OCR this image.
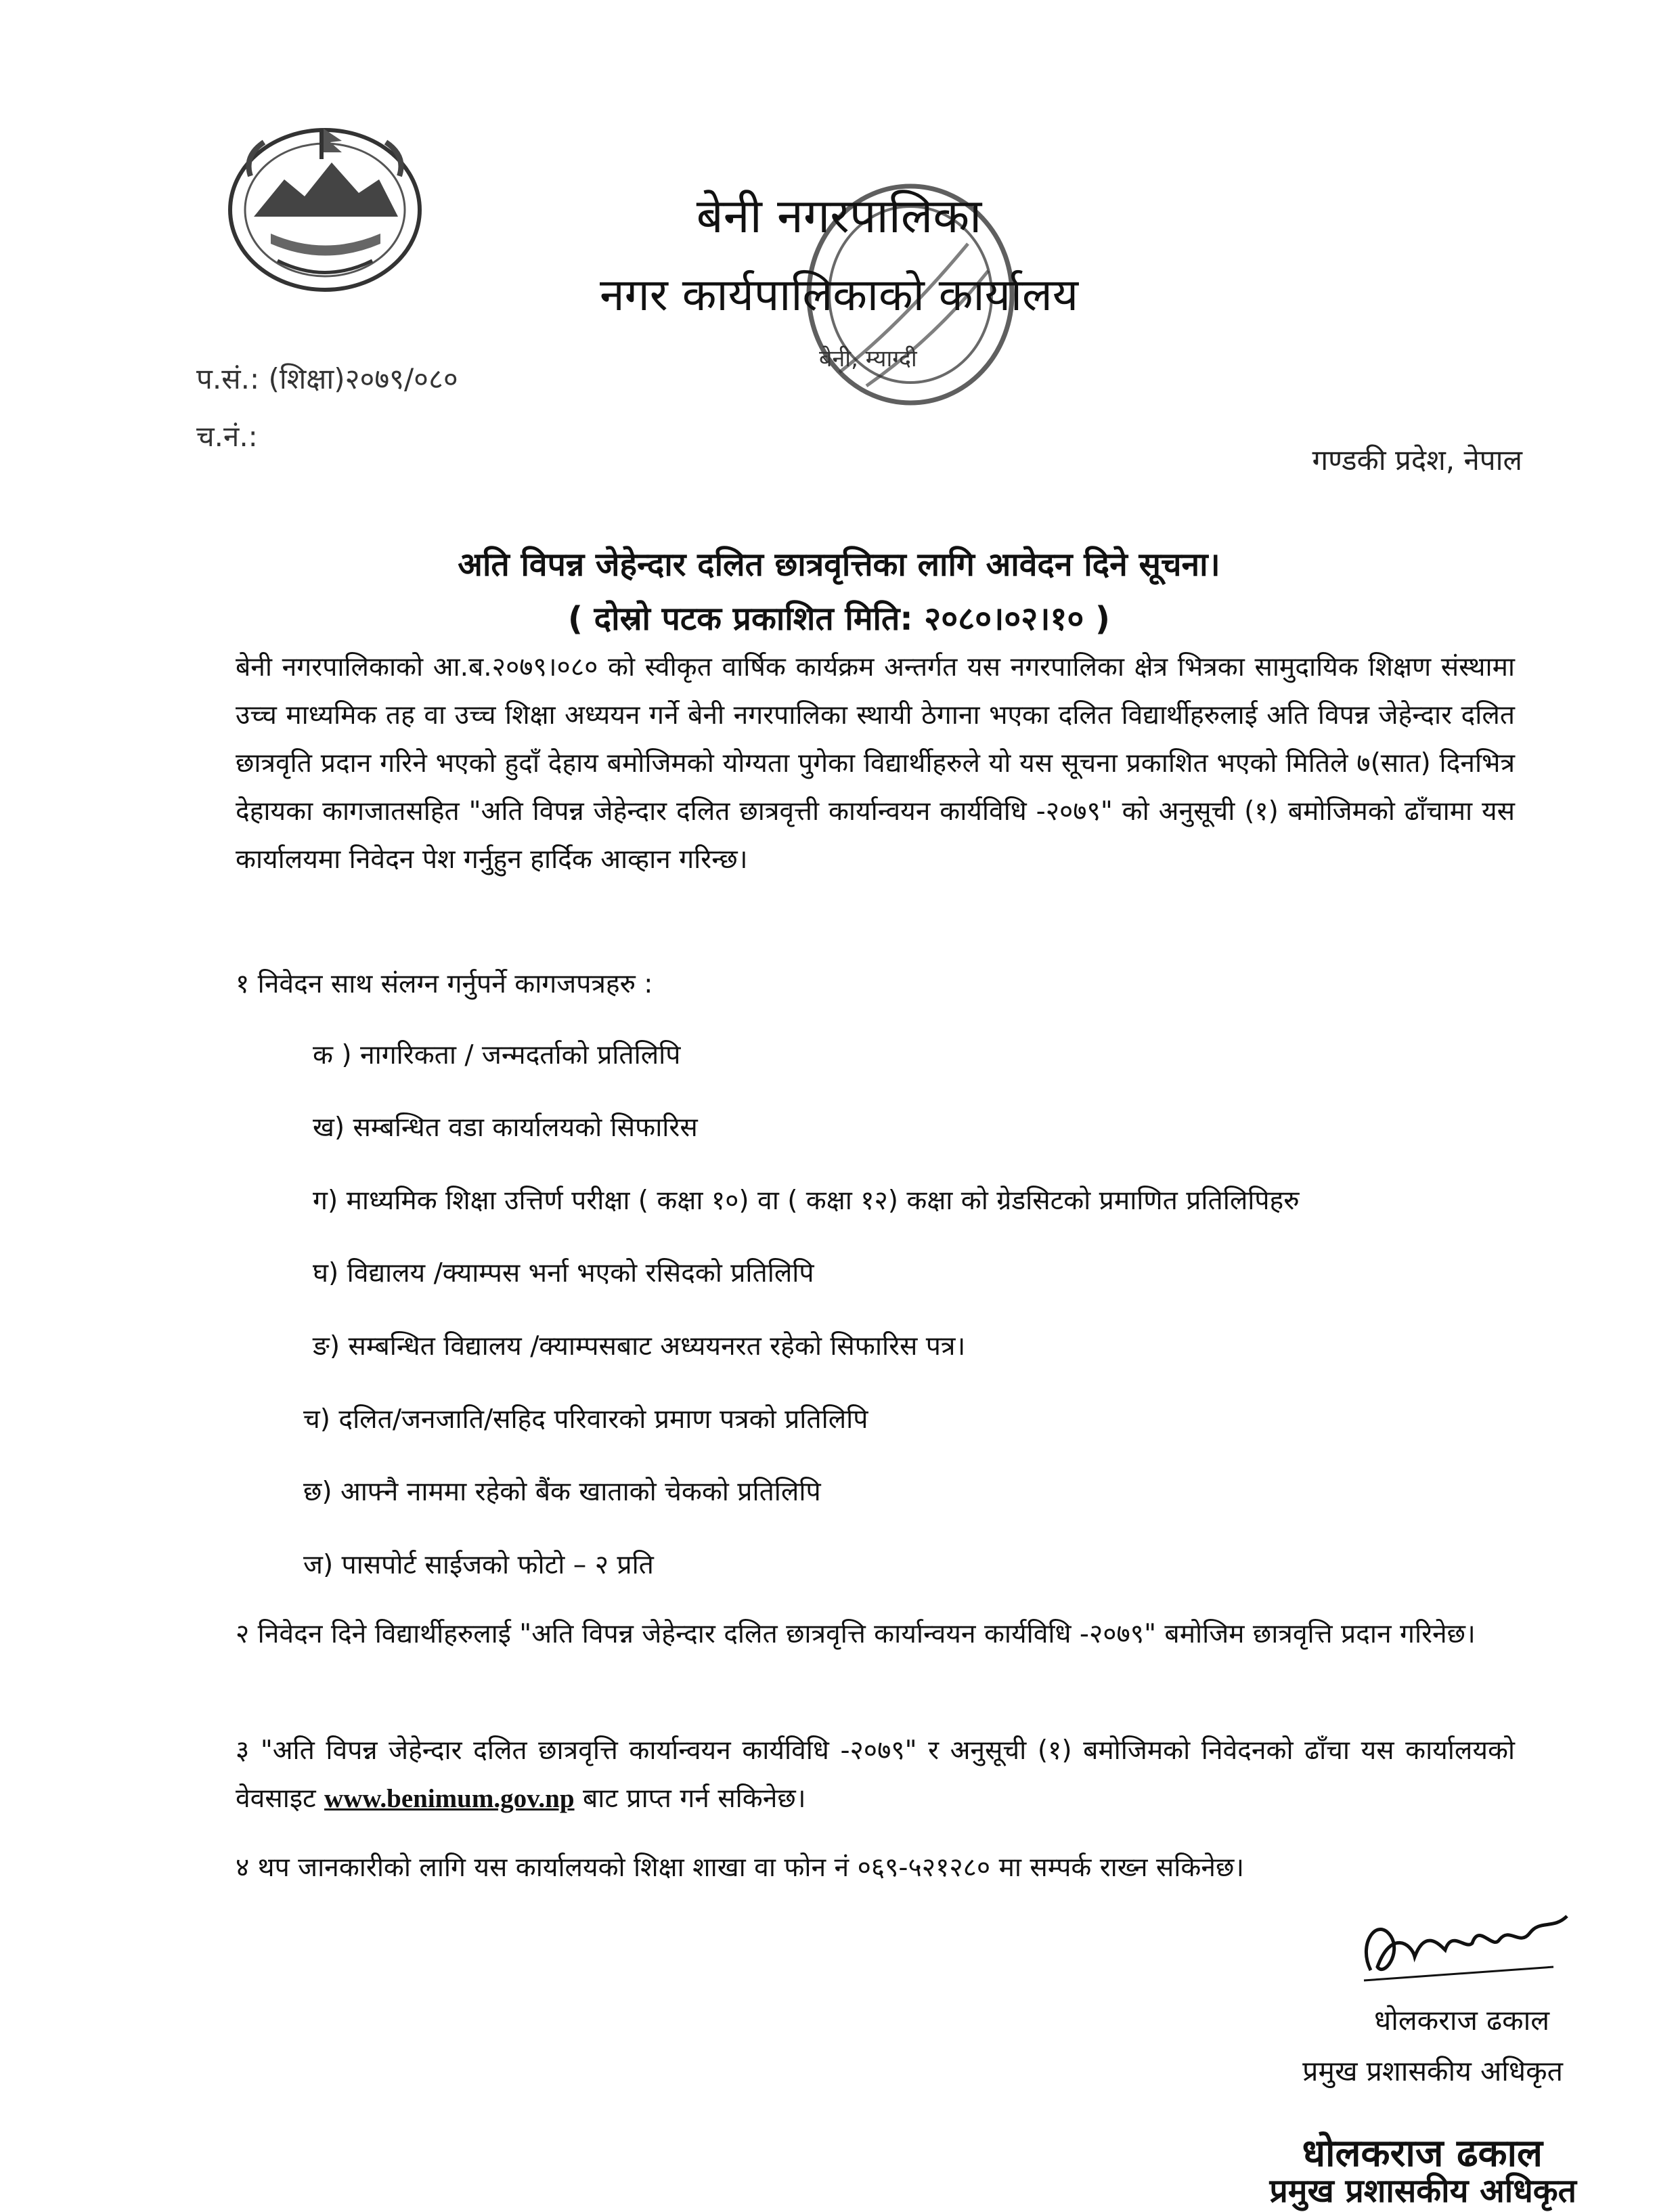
बेनी नगरपालिका
नगर कार्यपालिकाको कार्यालय
बेनी, म्याग्दी
प.सं.: (शिक्षा)२०७९/०८०
च.नं.:
गण्डकी प्रदेश, नेपाल
अति विपन्न जेहेन्दार दलित छात्रवृत्तिका लागि आवेदन दिने सूचना।
( दोस्रो पटक प्रकाशित मिति: २०८०।०२।१० )

बेनी नगरपालिकाको आ.ब.२०७९।०८० को स्वीकृत वार्षिक कार्यक्रम अन्तर्गत यस नगरपालिका क्षेत्र भित्रका सामुदायिक शिक्षण संस्थामा उच्च माध्यमिक तह वा उच्च शिक्षा अध्ययन गर्ने बेनी नगरपालिका स्थायी ठेगाना भएका दलित विद्यार्थीहरुलाई अति विपन्न जेहेन्दार दलित छात्रवृति प्रदान गरिने भएको हुदाँ देहाय बमोजिमको योग्यता पुगेका विद्यार्थीहरुले यो यस सूचना प्रकाशित भएको मितिले ७(सात) दिनभित्र देहायका कागजातसहित "अति विपन्न जेहेन्दार दलित छात्रवृत्ती कार्यान्वयन कार्यविधि -२०७९" को अनुसूची (१) बमोजिमको ढाँचामा यस कार्यालयमा निवेदन पेश गर्नुहुन हार्दिक आव्हान गरिन्छ।

१ निवेदन साथ संलग्न गर्नुपर्ने कागजपत्रहरु :
क ) नागरिकता / जन्मदर्ताको प्रतिलिपि
ख) सम्बन्धित वडा कार्यालयको सिफारिस
ग) माध्यमिक शिक्षा उत्तिर्ण परीक्षा ( कक्षा १०) वा ( कक्षा १२) कक्षा को ग्रेडसिटको प्रमाणित प्रतिलिपिहरु
घ) विद्यालय /क्याम्पस भर्ना भएको रसिदको प्रतिलिपि
ङ) सम्बन्धित विद्यालय /क्याम्पसबाट अध्ययनरत रहेको सिफारिस पत्र।
च) दलित/जनजाति/सहिद परिवारको प्रमाण पत्रको प्रतिलिपि
छ) आफ्नै नाममा रहेको बैंक खाताको चेकको प्रतिलिपि
ज) पासपोर्ट साईजको फोटो – २ प्रति

२ निवेदन दिने विद्यार्थीहरुलाई "अति विपन्न जेहेन्दार दलित छात्रवृत्ति कार्यान्वयन कार्यविधि -२०७९" बमोजिम छात्रवृत्ति प्रदान गरिनेछ।

३ "अति विपन्न जेहेन्दार दलित छात्रवृत्ति कार्यान्वयन कार्यविधि -२०७९" र अनुसूची (१) बमोजिमको निवेदनको ढाँचा यस कार्यालयको वेवसाइट www.benimum.gov.np बाट प्राप्त गर्न सकिनेछ।

४ थप जानकारीको लागि यस कार्यालयको शिक्षा शाखा वा फोन नं ०६९-५२१२८० मा सम्पर्क राख्न सकिनेछ।
धोलकराज ढकाल
प्रमुख प्रशासकीय अधिकृत
धोलकराज ढकाल
प्रमुख प्रशासकीय अधिकृत
